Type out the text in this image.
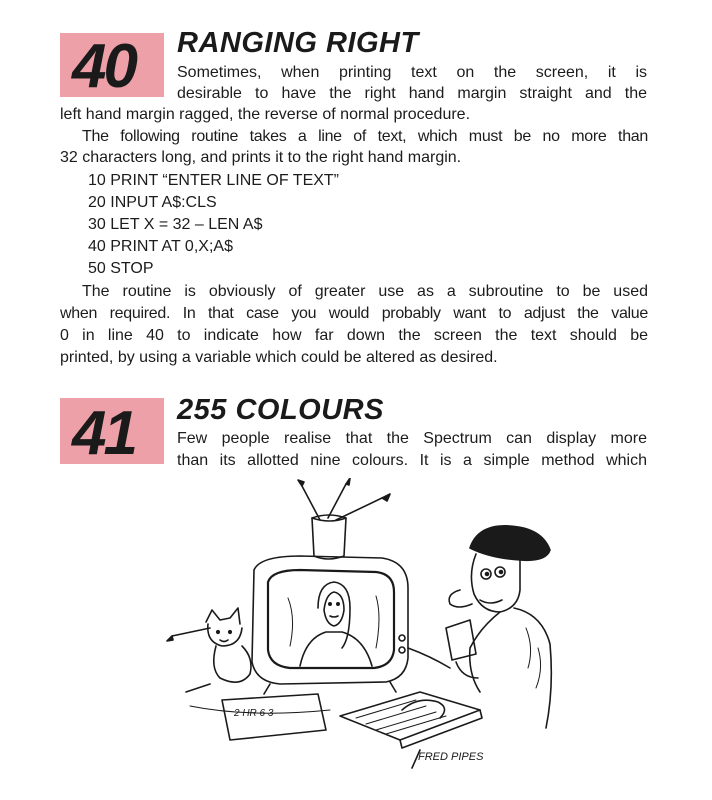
40 RANGING RIGHT
Sometimes, when printing text on the screen, it is
desirable to have the right hand margin straight and the
left hand margin ragged, the reverse of normal procedure.
The following routine takes a line of text, which must be no more than
32 characters long, and prints it to the right hand margin.
10 PRINT “ENTER LINE OF TEXT”
20 INPUT A$:CLS
30 LET X = 32 – LEN A$
40 PRINT AT 0,X;A$
50 STOP
The routine is obviously of greater use as a subroutine to be used
when required. In that case you would probably want to adjust the value
0 in line 40 to indicate how far down the screen the text should be
printed, by using a variable which could be altered as desired.
41 255 COLOURS
Few people realise that the Spectrum can display more
than its allotted nine colours. It is a simple method which
2 HR 6 3
FRED PIPES
